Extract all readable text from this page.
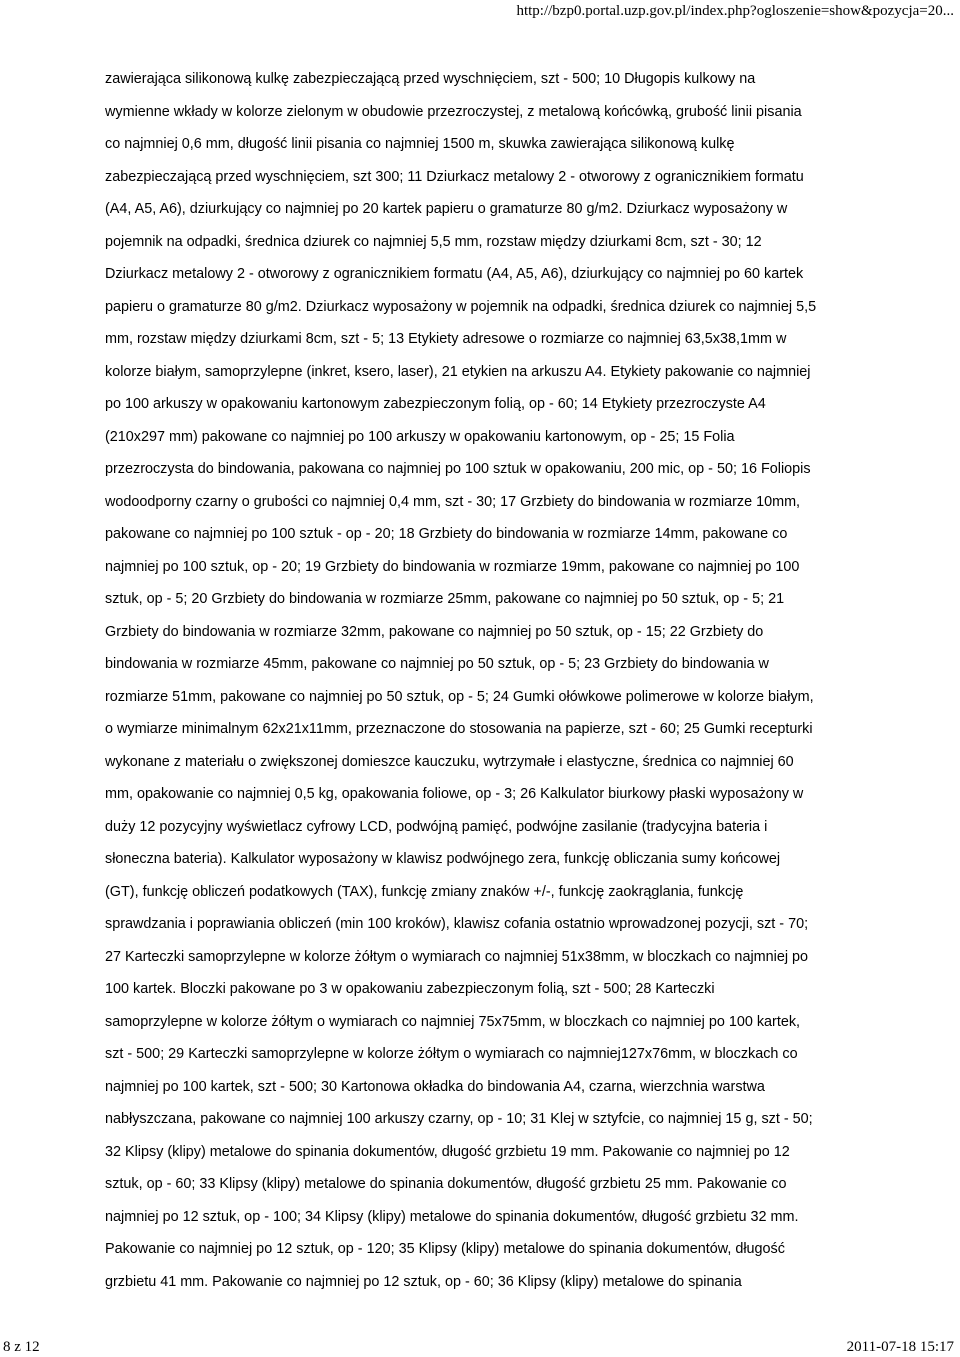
http://bzp0.portal.uzp.gov.pl/index.php?ogloszenie=show&pozycja=20...
zawierająca silikonową kulkę zabezpieczającą przed wyschnięciem, szt - 500; 10 Długopis kulkowy na
wymienne wkłady w kolorze zielonym w obudowie przezroczystej, z metalową końcówką, grubość linii pisania
co najmniej 0,6 mm, długość linii pisania co najmniej 1500 m, skuwka zawierająca silikonową kulkę
zabezpieczającą przed wyschnięciem, szt 300; 11 Dziurkacz metalowy 2 - otworowy z ogranicznikiem formatu
(A4, A5, A6), dziurkujący co najmniej po 20 kartek papieru o gramaturze 80 g/m2. Dziurkacz wyposażony w
pojemnik na odpadki, średnica dziurek co najmniej 5,5 mm, rozstaw między dziurkami 8cm, szt - 30; 12
Dziurkacz metalowy 2 - otworowy z ogranicznikiem formatu (A4, A5, A6), dziurkujący co najmniej po 60 kartek
papieru o gramaturze 80 g/m2. Dziurkacz wyposażony w pojemnik na odpadki, średnica dziurek co najmniej 5,5
mm, rozstaw między dziurkami 8cm, szt - 5; 13 Etykiety adresowe o rozmiarze co najmniej 63,5x38,1mm w
kolorze białym, samoprzylepne (inkret, ksero, laser), 21 etykien na arkuszu A4. Etykiety pakowanie co najmniej
po 100 arkuszy w opakowaniu kartonowym zabezpieczonym folią, op - 60; 14 Etykiety przezroczyste A4
(210x297 mm) pakowane co najmniej po 100 arkuszy w opakowaniu kartonowym, op - 25; 15 Folia
przezroczysta do bindowania, pakowana co najmniej po 100 sztuk w opakowaniu, 200 mic, op - 50; 16 Foliopis
wodoodporny czarny o grubości co najmniej 0,4 mm, szt - 30; 17 Grzbiety do bindowania w rozmiarze 10mm,
pakowane co najmniej po 100 sztuk - op - 20; 18 Grzbiety do bindowania w rozmiarze 14mm, pakowane co
najmniej po 100 sztuk, op - 20; 19 Grzbiety do bindowania w rozmiarze 19mm, pakowane co najmniej po 100
sztuk, op - 5; 20 Grzbiety do bindowania w rozmiarze 25mm, pakowane co najmniej po 50 sztuk, op - 5; 21
Grzbiety do bindowania w rozmiarze 32mm, pakowane co najmniej po 50 sztuk, op - 15; 22 Grzbiety do
bindowania w rozmiarze 45mm, pakowane co najmniej po 50 sztuk, op - 5; 23 Grzbiety do bindowania w
rozmiarze 51mm, pakowane co najmniej po 50 sztuk, op - 5; 24 Gumki ołówkowe polimerowe w kolorze białym,
o wymiarze minimalnym 62x21x11mm, przeznaczone do stosowania na papierze, szt - 60; 25 Gumki recepturki
wykonane z materiału o zwiększonej domieszce kauczuku, wytrzymałe i elastyczne, średnica co najmniej 60
mm, opakowanie co najmniej 0,5 kg, opakowania foliowe, op - 3; 26 Kalkulator biurkowy płaski wyposażony w
duży 12 pozycyjny wyświetlacz cyfrowy LCD, podwójną pamięć, podwójne zasilanie (tradycyjna bateria i
słoneczna bateria). Kalkulator wyposażony w klawisz podwójnego zera, funkcję obliczania sumy końcowej
(GT), funkcję obliczeń podatkowych (TAX), funkcję zmiany znaków +/-, funkcję zaokrąglania, funkcję
sprawdzania i poprawiania obliczeń (min 100 kroków), klawisz cofania ostatnio wprowadzonej pozycji, szt - 70;
27 Karteczki samoprzylepne w kolorze żółtym o wymiarach co najmniej 51x38mm, w bloczkach co najmniej po
100 kartek. Bloczki pakowane po 3 w opakowaniu zabezpieczonym folią, szt - 500; 28 Karteczki
samoprzylepne w kolorze żółtym o wymiarach co najmniej 75x75mm, w bloczkach co najmniej po 100 kartek,
szt - 500; 29 Karteczki samoprzylepne w kolorze żółtym o wymiarach co najmniej127x76mm, w bloczkach co
najmniej po 100 kartek, szt - 500; 30 Kartonowa okładka do bindowania A4, czarna, wierzchnia warstwa
nabłyszczana, pakowane co najmniej 100 arkuszy czarny, op - 10; 31 Klej w sztyfcie, co najmniej 15 g, szt - 50;
32 Klipsy (klipy) metalowe do spinania dokumentów, długość grzbietu 19 mm. Pakowanie co najmniej po 12
sztuk, op - 60; 33 Klipsy (klipy) metalowe do spinania dokumentów, długość grzbietu 25 mm. Pakowanie co
najmniej po 12 sztuk, op - 100; 34 Klipsy (klipy) metalowe do spinania dokumentów, długość grzbietu 32 mm.
Pakowanie co najmniej po 12 sztuk, op - 120; 35 Klipsy (klipy) metalowe do spinania dokumentów, długość
grzbietu 41 mm. Pakowanie co najmniej po 12 sztuk, op - 60; 36 Klipsy (klipy) metalowe do spinania
8 z 12	2011-07-18 15:17
